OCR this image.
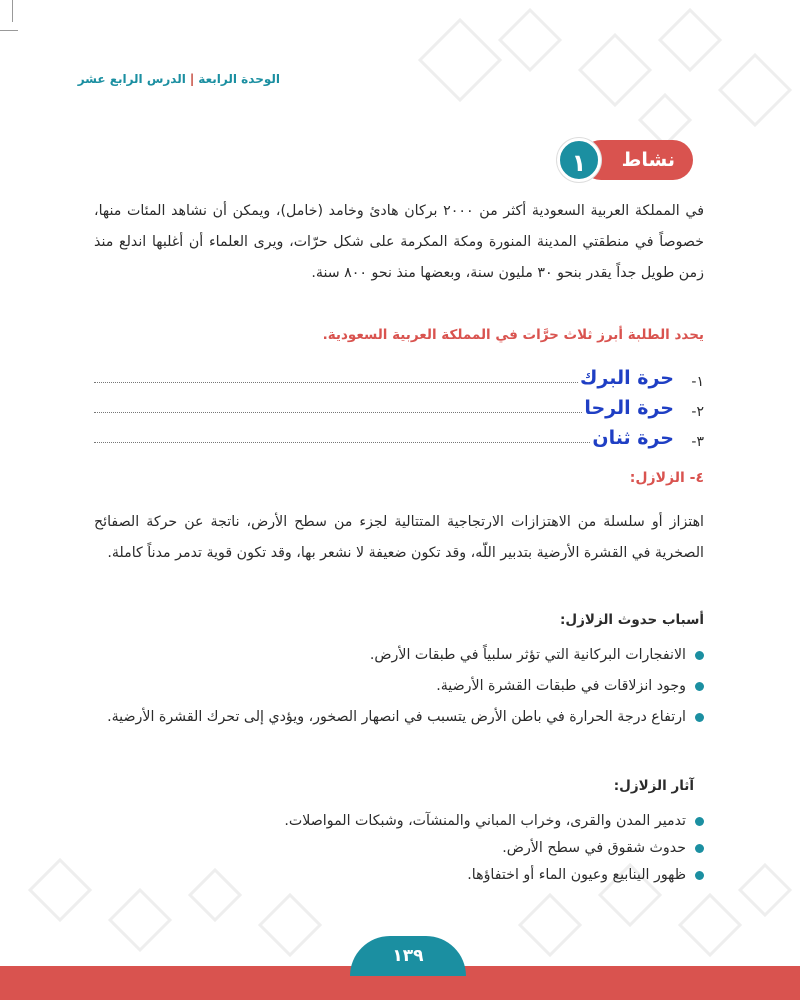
الوحدة الرابعة|الدرس الرابع عشر
نشاط
١

في المملكة العربية السعودية أكثر من ٢٠٠٠ بركان هادئ وخامد (خامل)، ويمكن أن نشاهد المئات منها، خصوصاً في منطقتي المدينة المنورة ومكة المكرمة على شكل حرّات، ويرى العلماء أن أغلبها اندلع منذ زمن طويل جداً يقدر بنحو ٣٠ مليون سنة، وبعضها منذ نحو ٨٠٠ سنة.

يحدد الطلبة أبرز ثلاث حرَّات في المملكة العربية السعودية.
١-
حرة البرك
٢-
حرة الرحا
٣-
حرة ثنان
٤- الزلازل:

اهتزاز أو سلسلة من الاهتزازات الارتجاجية المتتالية لجزء من سطح الأرض، ناتجة عن حركة الصفائح الصخرية في القشرة الأرضية بتدبير اللّه، وقد تكون ضعيفة لا نشعر بها، وقد تكون قوية تدمر مدناً كاملة.

أسباب حدوث الزلازل:
الانفجارات البركانية التي تؤثر سلبياً في طبقات الأرض.
وجود انزلاقات في طبقات القشرة الأرضية.
ارتفاع درجة الحرارة في باطن الأرض يتسبب في انصهار الصخور، ويؤدي إلى تحرك القشرة الأرضية.
آثار الزلازل:
تدمير المدن والقرى، وخراب المباني والمنشآت، وشبكات المواصلات.
حدوث شقوق في سطح الأرض.
ظهور الينابيع وعيون الماء أو اختفاؤها.
١٣٩
